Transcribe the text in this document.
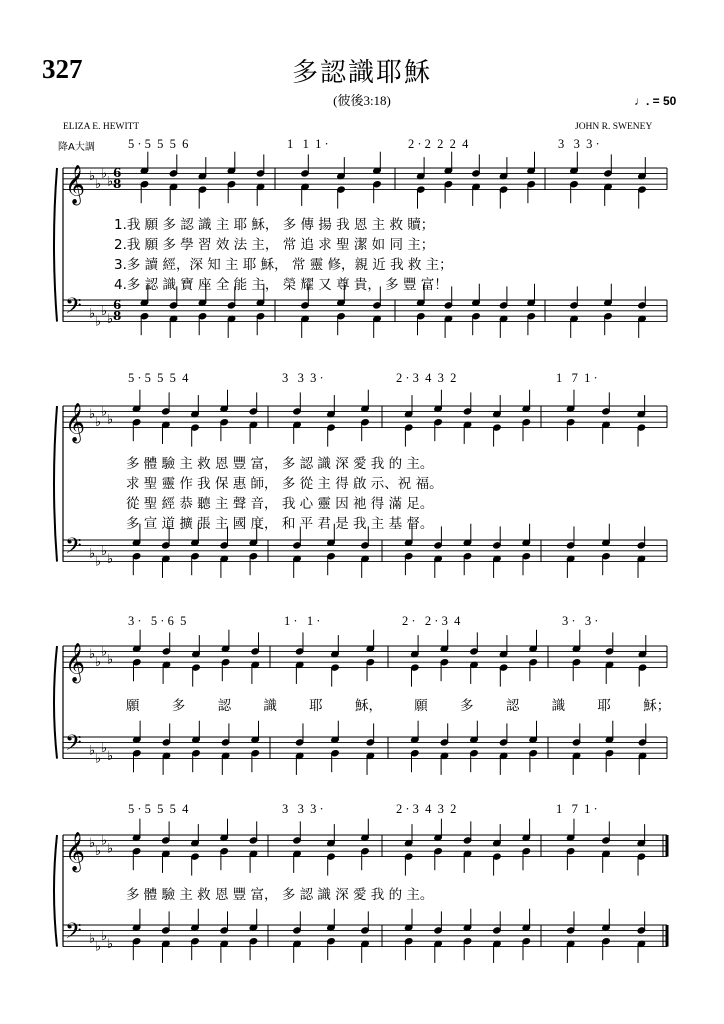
327	多認識耶穌
(彼後3:18)	♩. = 50
ELIZA E. HEWITT	JOHN R. SWENEY
降A大調	5 · 5  5  5  6	1   1  1 ·	2 · 2  2  2  4	3   3  3 ·
5 · 5  5  5  4	3   3  3 ·	2 · 3  4  3  2	1   7  1 ·
3 ·   5 · 6  5	1 ·   1 ·	2 ·   2 · 3  4	3 ·   3 ·
5 · 5  5  5  4	3   3  3 ·	2 · 3  4  3  2	1   7  1 ·
1.我 願 多 認 識 主 耶 穌， 多 傳 揚 我 恩 主 救 贖；
2.我 願 多 學 習 效 法 主， 常 追 求 聖 潔 如 同 主；
3.多 讀 經，深 知 主 耶 穌， 常 靈 修，親 近 我 救 主；
4.多 認 識 寶 座 全 能 主， 榮 耀 又 尊 貴， 多 豐 富！
多 體 驗 主 救 恩 豐 富， 多 認 識 深 愛 我 的 主。
求 聖 靈 作 我 保 惠 師， 多 從 主 得 啟 示、祝 福。
從 聖 經 恭 聽 主 聲 音， 我 心 靈 因 祂 得 滿 足。
多 宣 道 擴 張 主 國 度， 和 平 君 是 我 主 基 督。
願 多 認 識 耶 穌， 願 多 認 識 耶 穌；
多 體 驗 主 救 恩 豐 富， 多 認 識 深 愛 我 的 主。
𝄞
𝄢
♭
♭
♭
♭
♭
♭
♭
♭
6
6
8
8
𝄞
𝄢
♭
♭
♭
♭
♭
♭
♭
♭
𝄞
𝄢
♭
♭
♭
♭
♭
♭
♭
♭
𝄞
𝄢
♭
♭
♭
♭
♭
♭
♭
♭
